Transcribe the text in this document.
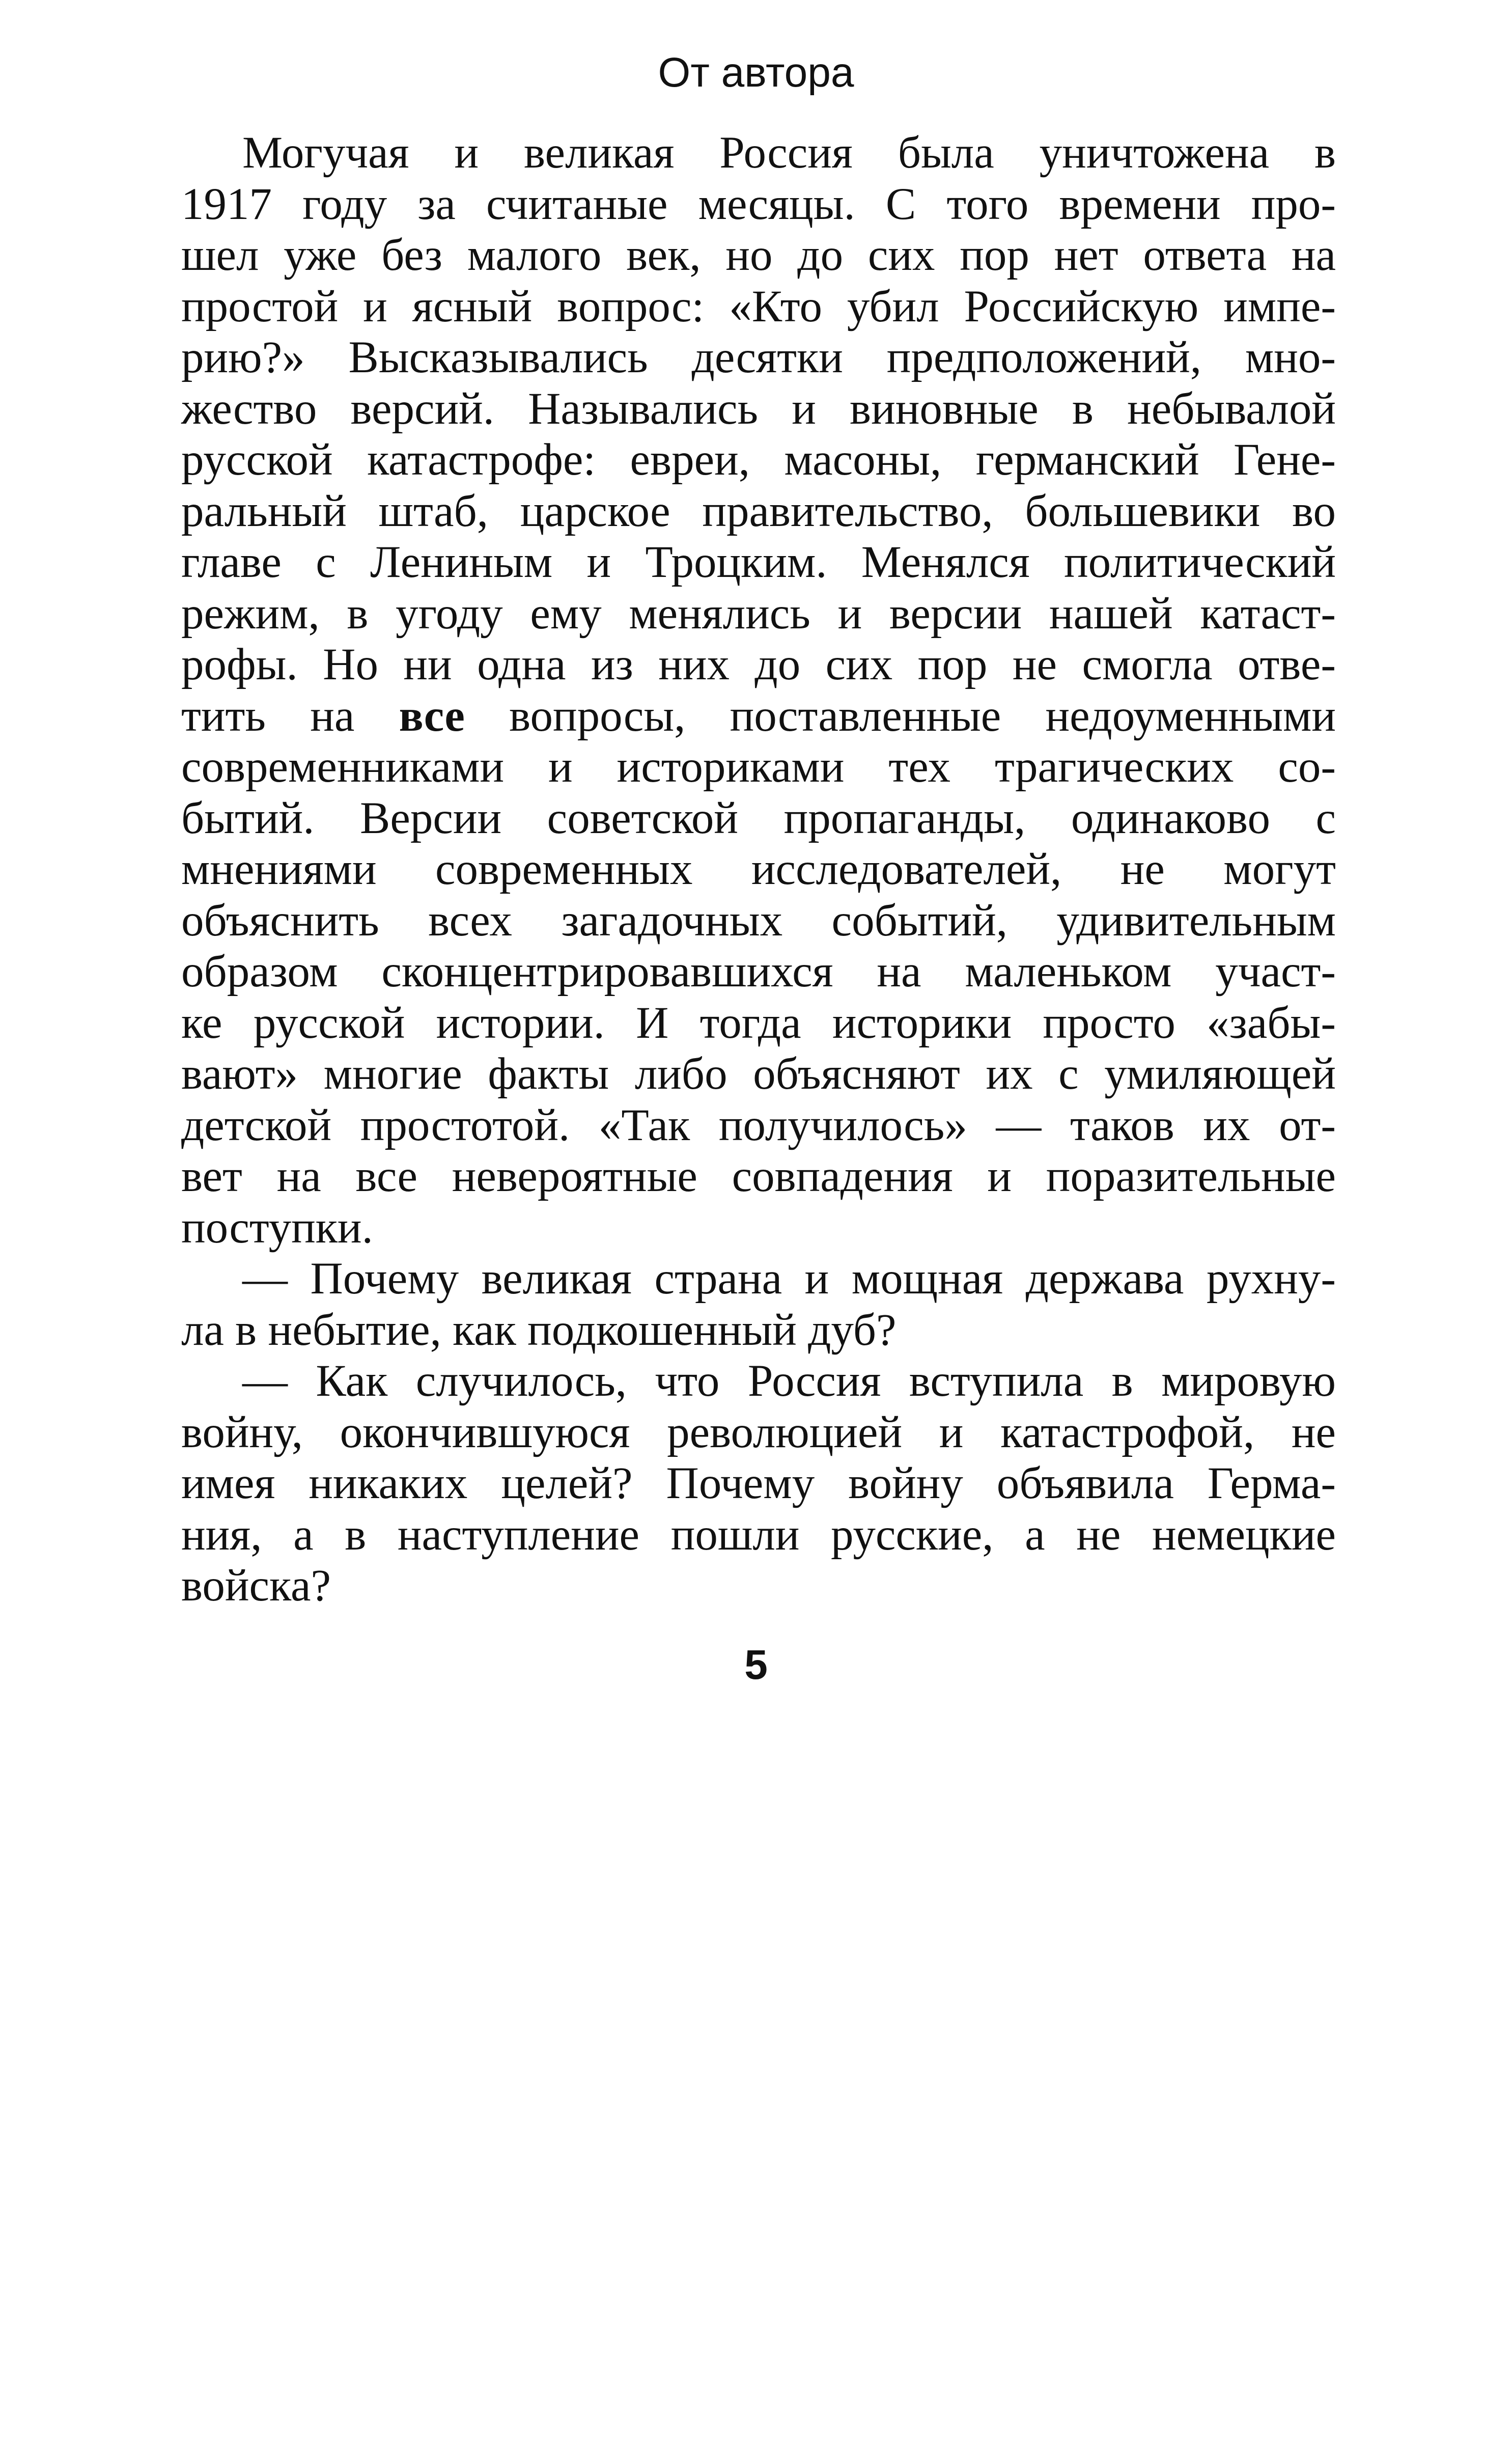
От автора
Могучая и великая Россия была уничтожена в
1917 году за считаные месяцы. С того времени про-
шел уже без малого век, но до сих пор нет ответа на
простой и ясный вопрос: «Кто убил Российскую импе-
рию?» Высказывались десятки предположений, мно-
жество версий. Назывались и виновные в небывалой
русской катастрофе: евреи, масоны, германский Гене-
ральный штаб, царское правительство, большевики во
главе с Лениным и Троцким. Менялся политический
режим, в угоду ему менялись и версии нашей катаст-
рофы. Но ни одна из них до сих пор не смогла отве-
тить на все вопросы, поставленные недоуменными
современниками и историками тех трагических со-
бытий. Версии советской пропаганды, одинаково с
мнениями современных исследователей, не могут
объяснить всех загадочных событий, удивительным
образом сконцентрировавшихся на маленьком участ-
ке русской истории. И тогда историки просто «забы-
вают» многие факты либо объясняют их с умиляющей
детской простотой. «Так получилось» — таков их от-
вет на все невероятные совпадения и поразительные
поступки.
— Почему великая страна и мощная держава рухну-
ла в небытие, как подкошенный дуб?
— Как случилось, что Россия вступила в мировую
войну, окончившуюся революцией и катастрофой, не
имея никаких целей? Почему войну объявила Герма-
ния, а в наступление пошли русские, а не немецкие
войска?
5
